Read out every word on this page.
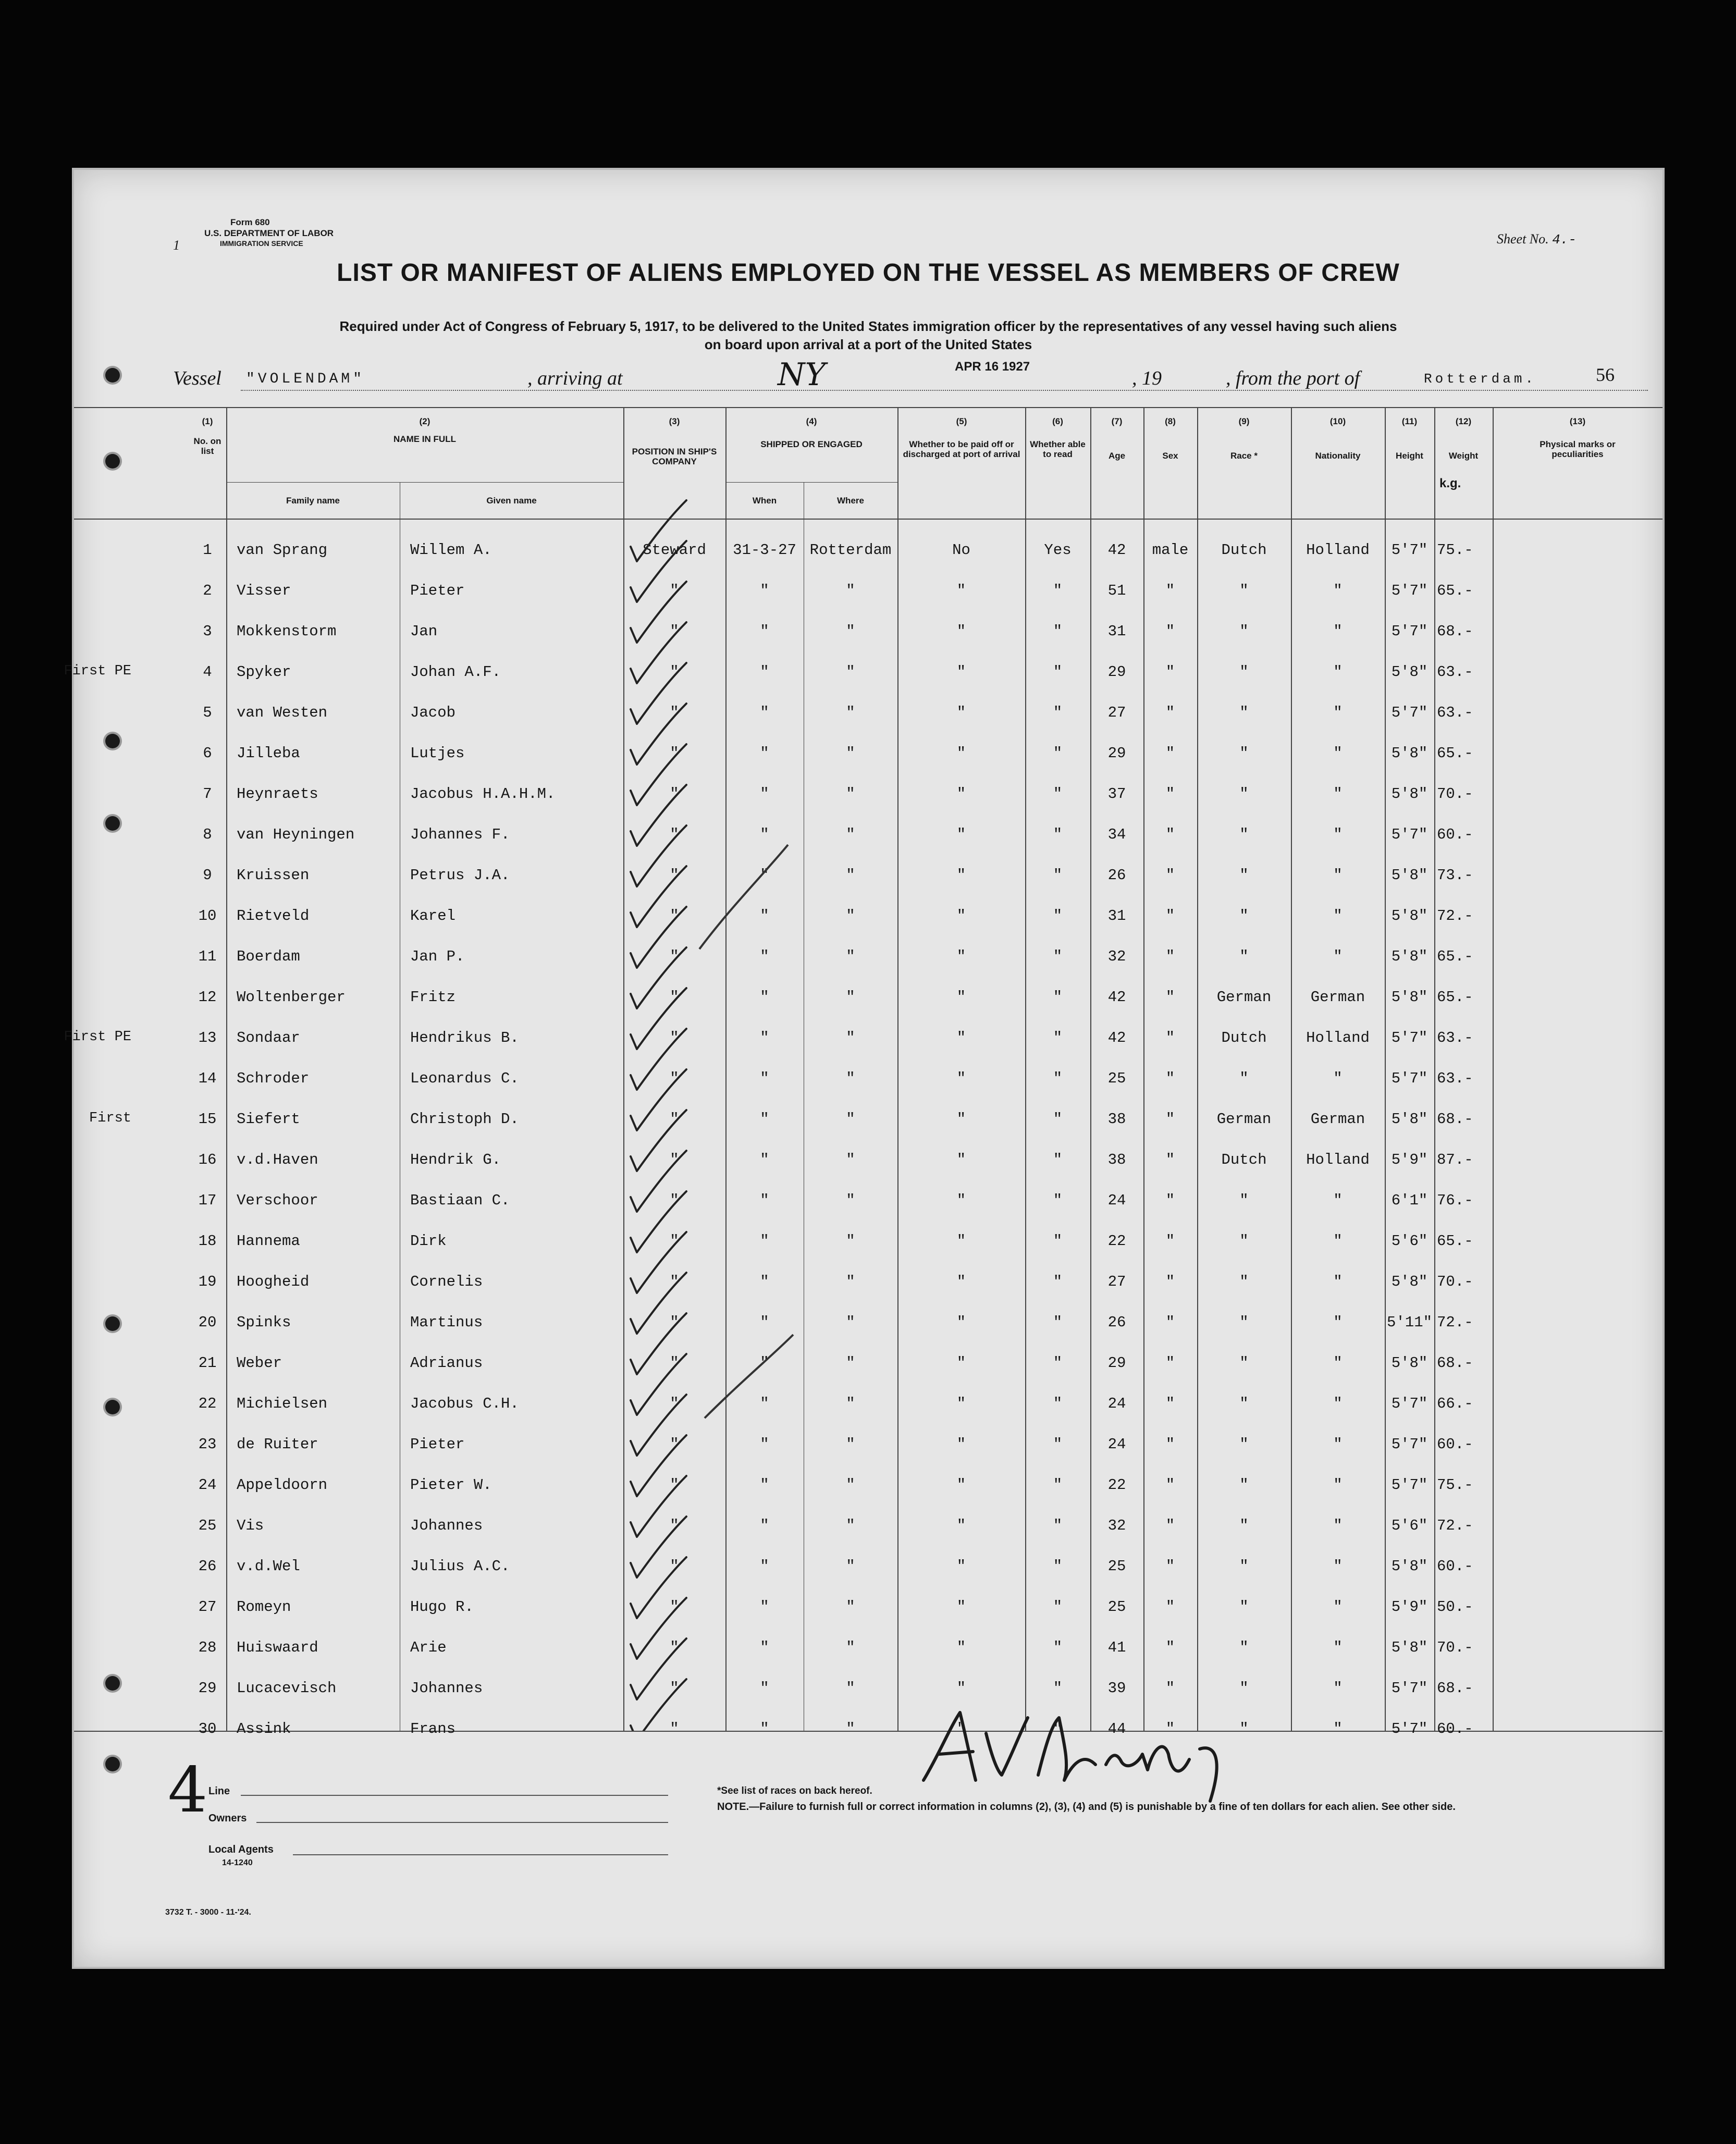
Form 680
U.S. DEPARTMENT OF LABOR
IMMIGRATION SERVICE
1	Sheet No. 4.-
LIST OR MANIFEST OF ALIENS EMPLOYED ON THE VESSEL AS MEMBERS OF CREW
Required under Act of Congress of February 5, 1917, to be delivered to the United States immigration officer by the representatives of any vessel having such aliens
on board upon arrival at a port of the United States
Vessel "VOLENDAM"	, arriving at	NY	APR 16 1927
, 19	, from the port of	Rotterdam.	56
(1)
No. on list
(2)
NAME IN FULL
Family name	Given name
(3)
POSITION IN SHIP'S COMPANY
(4)
SHIPPED OR ENGAGED
When	Where
(5)
Whether to be paid off or discharged at port of arrival
(6)
Whether able to read
(7)
Age
(8)
Sex
(9)
Race *
(10)
Nationality
(11)
Height
(12)
Weight
k.g.
(13)
Physical marks or peculiarities
1	van Sprang	Willem A.	Steward	31-3-27 Rotterdam	No	Yes	42	male	Dutch	Holland	5'7" 75.-
2	Visser	Pieter	"	"	"	"	"	51	"	"	"	5'7" 65.-
3	Mokkenstorm	Jan	"	"	"	"	"	31	"	"	"	5'7" 68.-
First PE	4	Spyker	Johan A.F.	"	"	"	"	"	29	"	"	"	5'8" 63.-
5	van Westen	Jacob	"	"	"	"	"	27	"	"	"	5'7" 63.-
6	Jilleba	Lutjes	"	"	"	"	"	29	"	"	"	5'8" 65.-
7	Heynraets	Jacobus H.A.H.M.	"	"	"	"	"	37	"	"	"	5'8" 70.-
8	van Heyningen	Johannes F.	"	"	"	"	"	34	"	"	"	5'7" 60.-
9	Kruissen	Petrus J.A.	"	"	"	"	"	26	"	"	"	5'8" 73.-
10	Rietveld	Karel	"	"	"	"	"	31	"	"	"	5'8" 72.-
11	Boerdam	Jan P.	"	"	"	"	"	32	"	"	"	5'8" 65.-
12	Woltenberger	Fritz	"	"	"	"	"	42	"	German	German	5'8" 65.-
First PE	13	Sondaar	Hendrikus B.	"	"	"	"	"	42	"	Dutch	Holland	5'7" 63.-
14	Schroder	Leonardus C.	"	"	"	"	"	25	"	"	"	5'7" 63.-
First	15	Siefert	Christoph D.	"	"	"	"	"	38	"	German	German	5'8" 68.-
16	v.d.Haven	Hendrik G.	"	"	"	"	"	38	"	Dutch	Holland	5'9" 87.-
17	Verschoor	Bastiaan C.	"	"	"	"	"	24	"	"	"	6'1" 76.-
18	Hannema	Dirk	"	"	"	"	"	22	"	"	"	5'6" 65.-
19	Hoogheid	Cornelis	"	"	"	"	"	27	"	"	"	5'8" 70.-
20	Spinks	Martinus	"	"	"	"	"	26	"	"	"	5'11" 72.-
21	Weber	Adrianus	"	"	"	"	"	29	"	"	"	5'8" 68.-
22	Michielsen	Jacobus C.H.	"	"	"	"	"	24	"	"	"	5'7" 66.-
23	de Ruiter	Pieter	"	"	"	"	"	24	"	"	"	5'7" 60.-
24	Appeldoorn	Pieter W.	"	"	"	"	"	22	"	"	"	5'7" 75.-
25	Vis	Johannes	"	"	"	"	"	32	"	"	"	5'6" 72.-
26	v.d.Wel	Julius A.C.	"	"	"	"	"	25	"	"	"	5'8" 60.-
27	Romeyn	Hugo R.	"	"	"	"	"	25	"	"	"	5'9" 50.-
28	Huiswaard	Arie	"	"	"	"	"	41	"	"	"	5'8" 70.-
29	Lucacevisch	Johannes	"	"	"	"	"	39	"	"	"	5'7" 68.-
30	Assink	Frans	"	"	"	"	"	44	"	"	"	5'7" 60.-
4 Line
Owners
Local Agents
14-1240
3732 T. - 3000 - 11-'24.
*See list of races on back hereof.
NOTE.—Failure to furnish full or correct information in columns (2), (3), (4) and (5) is punishable by a fine of ten dollars for each alien. See other side.
